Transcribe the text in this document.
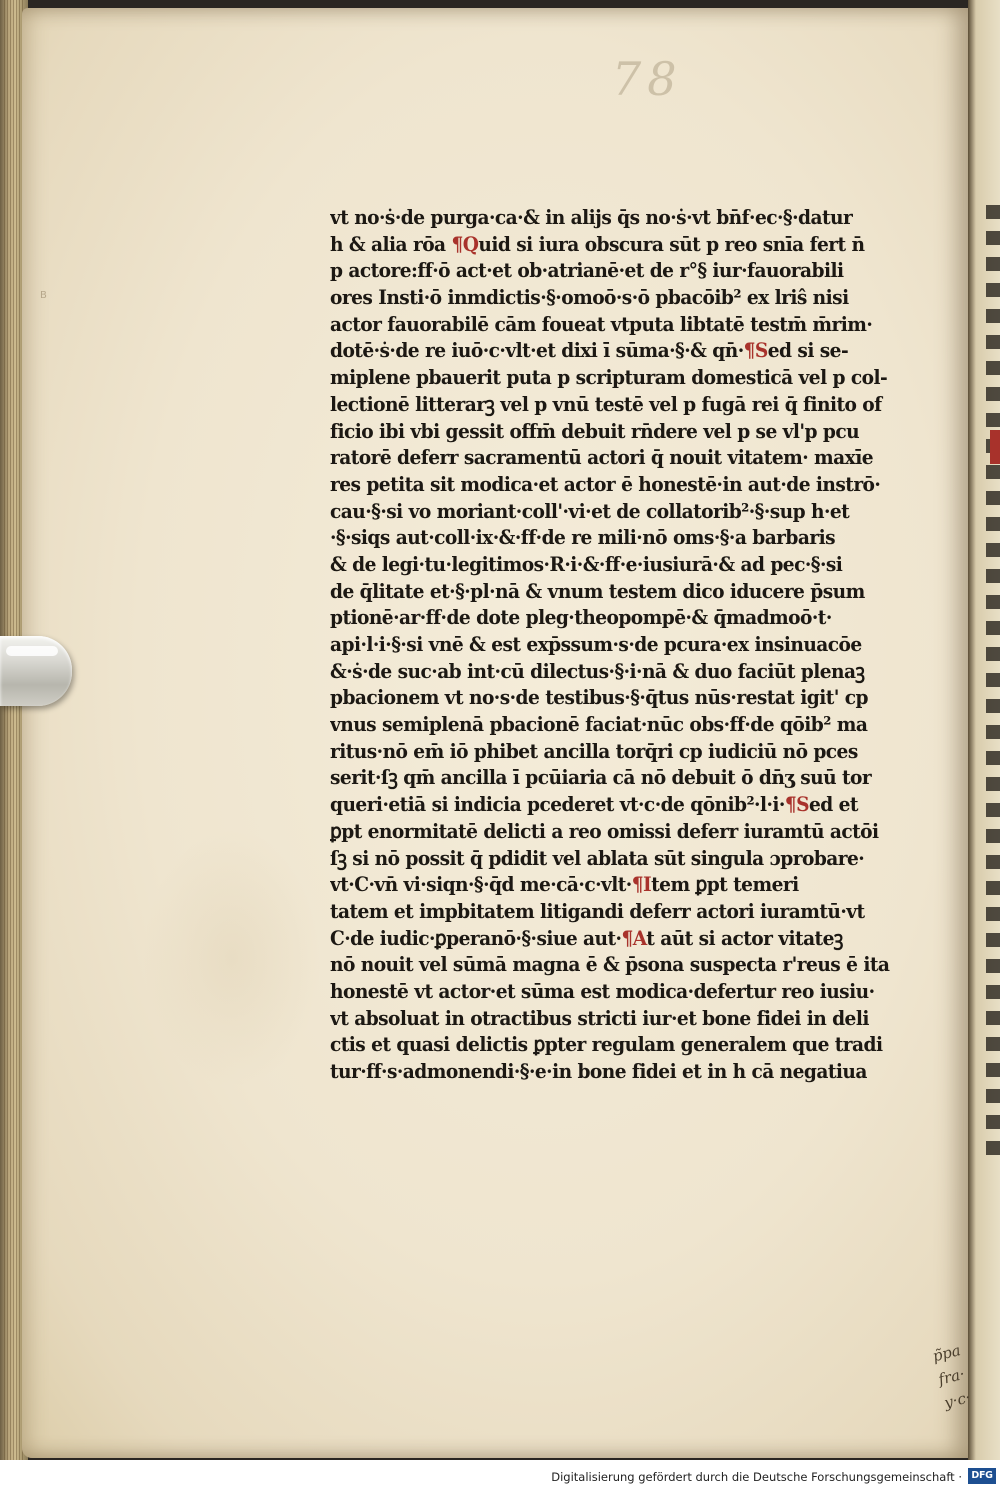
78
B
vt no·ṡ·de purga·ca·& in alijs q̄s no·ṡ·vt bn̄f·ec·§·datur
h & alia rōa ¶Quid si iura obscura sūt p reo snīa fert n̄
p actore:ff·ō act·et ob·atrianē·et de r°§ iur·fauorabili
ores Insti·ō inmdictis·§·omoō·s·ō pbacōib² ex lriŝ nisi
actor fauorabilē cām foueat vtputa libtatē testm̄ m̄rim·
dotē·ṡ·de re iuō·c·vlt·et dixi ī sūma·§·& qn̄·¶Sed si se-
miplene pbauerit puta p scripturam domesticā vel p col-
lectionē litterarꝫ vel p vnū testē vel p fugā rei q̄ finito of
ficio ibi vbi gessit offm̄ debuit rn̄dere vel p se vl'p pcu
ratorē deferr sacramentū actori q̄ nouit vitatem· maxīe
res petita sit modica·et actor ē honestē·in aut·de instrō·
cau·§·si vo moriant·coll'·vi·et de collatorib²·§·sup h·et
·§·siqs aut·coll·ix·&·ff·de re mili·nō oms·§·a barbaris
& de legi·tu·legitimos·R·i·&·ff·e·iusiurā·& ad pec·§·si
de q̄litate et·§·pl·nā & vnum testem dico iducere p̄sum
ptionē·ar·ff·de dote pleg·theopompē·& q̄madmoō·t·
api·l·i·§·si vnē & est exp̄ssum·s·de pcura·ex insinuacōe
&·ṡ·de suc·ab int·cū dilectus·§·i·nā & duo faciūt plenaꝫ
pbacionem vt no·s·de testibus·§·q̄tus nūs·restat igit' cp
vnus semiplenā pbacionē faciat·nūc obs·ff·de qōib² ma
ritus·nō em̄ iō phibet ancilla torq̄ri cp iudiciū nō pces
serit·ſꝫ qm̄ ancilla ī pcūiaria cā nō debuit ō dn̄ʒ suū tor
queri·etiā si indicia pcederet vt·c·de qōnib²·l·i·¶Sed et
ꝑpt enormitatē delicti a reo omissi deferr iuramtū actōi
ſꝫ si nō possit q̄ pdidit vel ablata sūt singula ɔprobare·
vt·C·vn̄ vi·siqn·§·q̄d me·cā·c·vlt·¶Item ꝑpt temeri
tatem et impbitatem litigandi deferr actori iuramtū·vt
C·de iudic·ꝑperanō·§·siue aut·¶At aūt si actor vitateꝫ
nō nouit vel sūmā magna ē & p̄sona suspecta r'reus ē ita
honestē vt actor·et sūma est modica·defertur reo iusiu·
vt absoluat in otractibus stricti iur·et bone fidei in deli
ctis et quasi delictis ꝑpter regulam generalem que tradi
tur·ff·s·admonendi·§·e·in bone fidei et in h cā negatiua
p̃pa
fra·
y·c·
Digitalisierung gefördert durch die Deutsche Forschungsgemeinschaft · DFG
